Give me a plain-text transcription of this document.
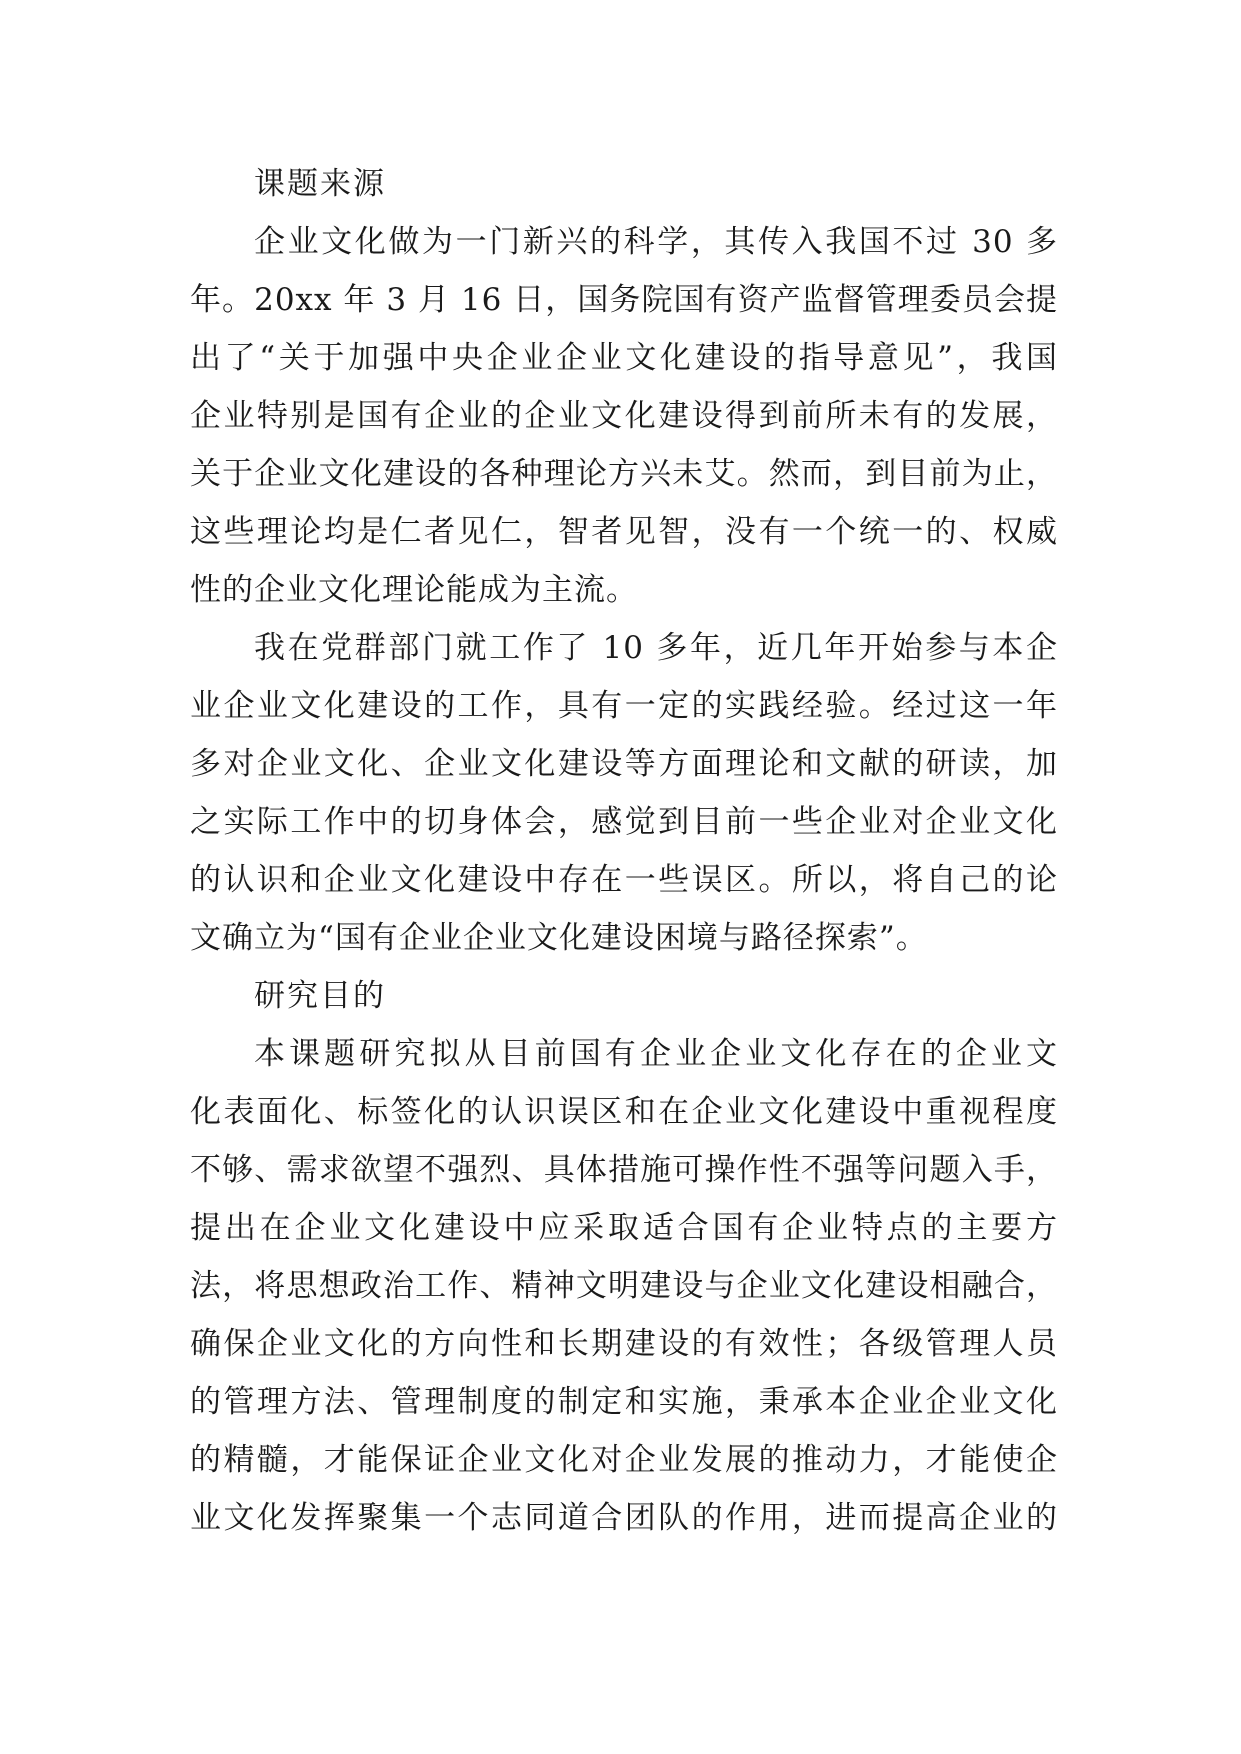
课题来源
企业文化做为一门新兴的科学，其传入我国不过 30 多
年。20xx 年 3 月 16 日，国务院国有资产监督管理委员会提
出了“关于加强中央企业企业文化建设的指导意见”，我国
企业特别是国有企业的企业文化建设得到前所未有的发展，
关于企业文化建设的各种理论方兴未艾。然而，到目前为止，
这些理论均是仁者见仁，智者见智，没有一个统一的、权威
性的企业文化理论能成为主流。
我在党群部门就工作了 10 多年，近几年开始参与本企
业企业文化建设的工作，具有一定的实践经验。经过这一年
多对企业文化、企业文化建设等方面理论和文献的研读，加
之实际工作中的切身体会，感觉到目前一些企业对企业文化
的认识和企业文化建设中存在一些误区。所以，将自己的论
文确立为“国有企业企业文化建设困境与路径探索”。
研究目的
本课题研究拟从目前国有企业企业文化存在的企业文
化表面化、标签化的认识误区和在企业文化建设中重视程度
不够、需求欲望不强烈、具体措施可操作性不强等问题入手，
提出在企业文化建设中应采取适合国有企业特点的主要方
法，将思想政治工作、精神文明建设与企业文化建设相融合，
确保企业文化的方向性和长期建设的有效性；各级管理人员
的管理方法、管理制度的制定和实施，秉承本企业企业文化
的精髓，才能保证企业文化对企业发展的推动力，才能使企
业文化发挥聚集一个志同道合团队的作用，进而提高企业的
